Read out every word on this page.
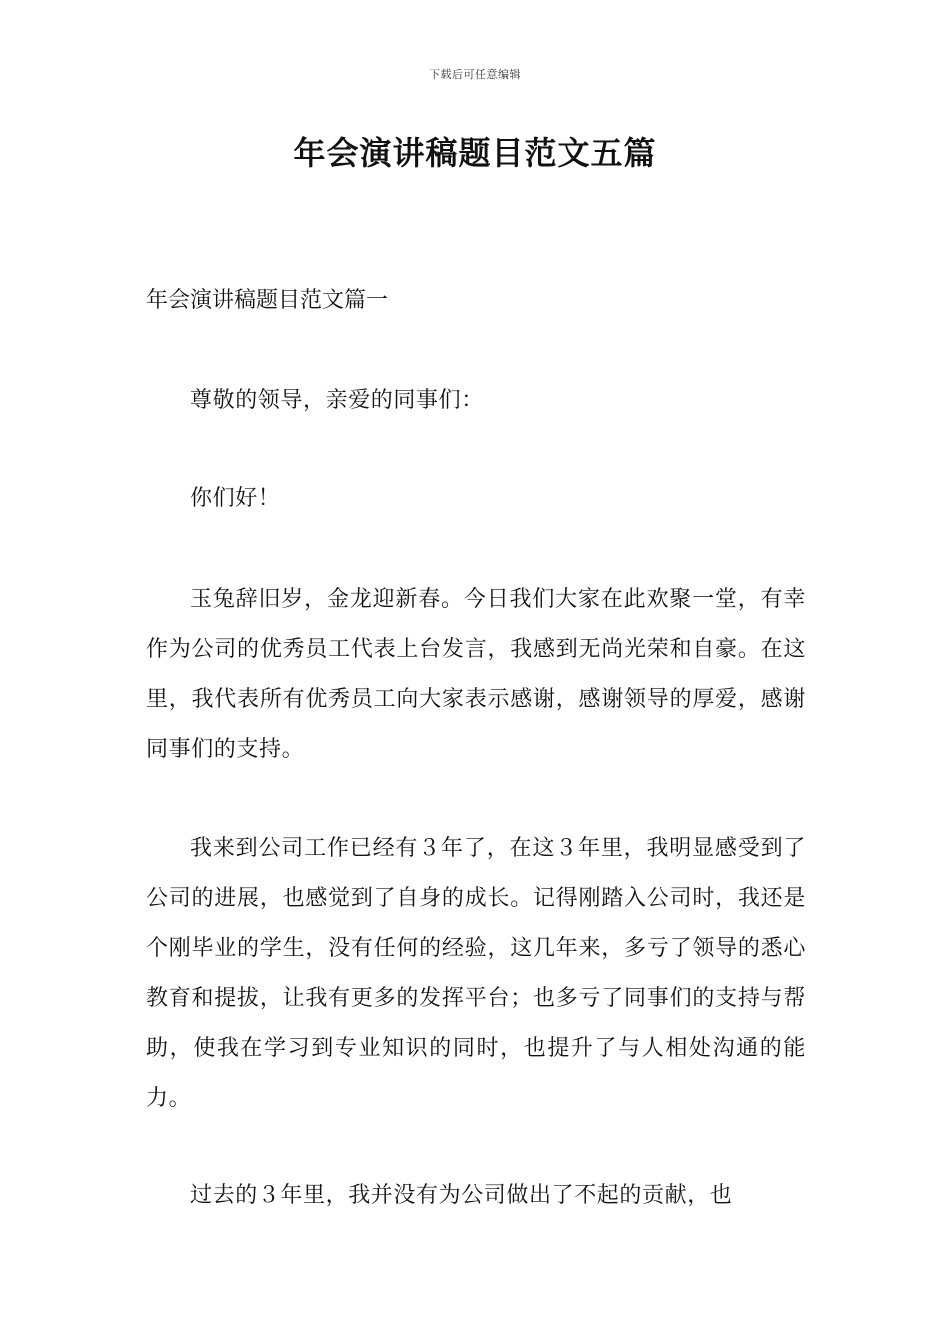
下载后可任意编辑
年会演讲稿题目范文五篇
年会演讲稿题目范文篇一

尊敬的领导，亲爱的同事们：

你们好！

玉兔辞旧岁，金龙迎新春。今日我们大家在此欢聚一堂，有幸作为公司的优秀员工代表上台发言，我感到无尚光荣和自豪。在这里，我代表所有优秀员工向大家表示感谢，感谢领导的厚爱，感谢同事们的支持。

我来到公司工作已经有３年了，在这３年里，我明显感受到了公司的进展，也感觉到了自身的成长。记得刚踏入公司时，我还是个刚毕业的学生，没有任何的经验，这几年来，多亏了领导的悉心教育和提拔，让我有更多的发挥平台；也多亏了同事们的支持与帮助，使我在学习到专业知识的同时，也提升了与人相处沟通的能力。

过去的３年里，我并没有为公司做出了不起的贡献，也
